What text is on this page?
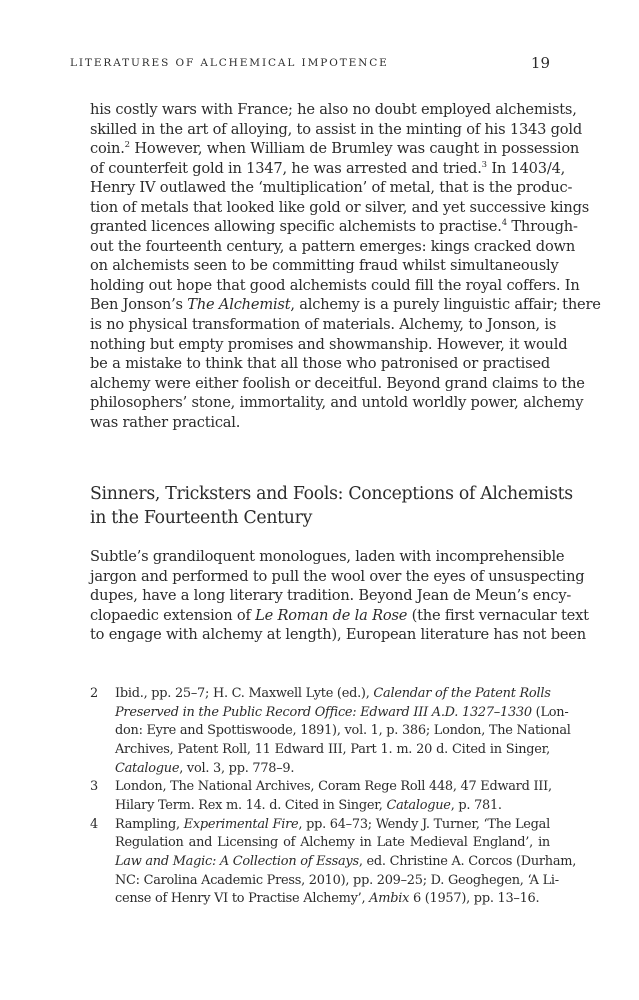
LITERATURES OF ALCHEMICAL IMPOTENCE	19

his costly wars with France; he also no doubt employed alchemists,
skilled in the art of alloying, to assist in the minting of his 1343 gold
coin.$^2$ However, when William de Brumley was caught in possession
of counterfeit gold in 1347, he was arrested and tried.$^3$ In 1403/4,
Henry IV outlawed the ‘multiplication’ of metal, that is the produc-
tion of metals that looked like gold or silver, and yet successive kings
granted licences allowing specific alchemists to practise.$^4$ Through-
out the fourteenth century, a pattern emerges: kings cracked down
on alchemists seen to be committing fraud whilst simultaneously
holding out hope that good alchemists could fill the royal coffers. In
Ben Jonson’s The Alchemist, alchemy is a purely linguistic affair; there
is no physical transformation of materials. Alchemy, to Jonson, is
nothing but empty promises and showmanship. However, it would
be a mistake to think that all those who patronised or practised
alchemy were either foolish or deceitful. Beyond grand claims to the
philosophers’ stone, immortality, and untold worldly power, alchemy
was rather practical.

Sinners, Tricksters and Fools: Conceptions of Alchemists
in the Fourteenth Century

Subtle’s grandiloquent monologues, laden with incomprehensible
jargon and performed to pull the wool over the eyes of unsuspecting
dupes, have a long literary tradition. Beyond Jean de Meun’s ency-
clopaedic extension of Le Roman de la Rose (the first vernacular text
to engage with alchemy at length), European literature has not been

2 Ibid., pp. 25–7; H. C. Maxwell Lyte (ed.), Calendar of the Patent Rolls
Preserved in the Public Record Office: Edward III A.D. 1327–1330 (Lon-
don: Eyre and Spottiswoode, 1891), vol. 1, p. 386; London, The National
Archives, Patent Roll, 11 Edward III, Part 1. m. 20 d. Cited in Singer,
Catalogue, vol. 3, pp. 778–9.
3 London, The National Archives, Coram Rege Roll 448, 47 Edward III,
Hilary Term. Rex m. 14. d. Cited in Singer, Catalogue, p. 781.
4 Rampling, Experimental Fire, pp. 64–73; Wendy J. Turner, ‘The Legal
Regulation and Licensing of Alchemy in Late Medieval England’, in
Law and Magic: A Collection of Essays, ed. Christine A. Corcos (Durham,
NC: Carolina Academic Press, 2010), pp. 209–25; D. Geoghegen, ‘A Li-
cense of Henry VI to Practise Alchemy’, Ambix 6 (1957), pp. 13–16.
